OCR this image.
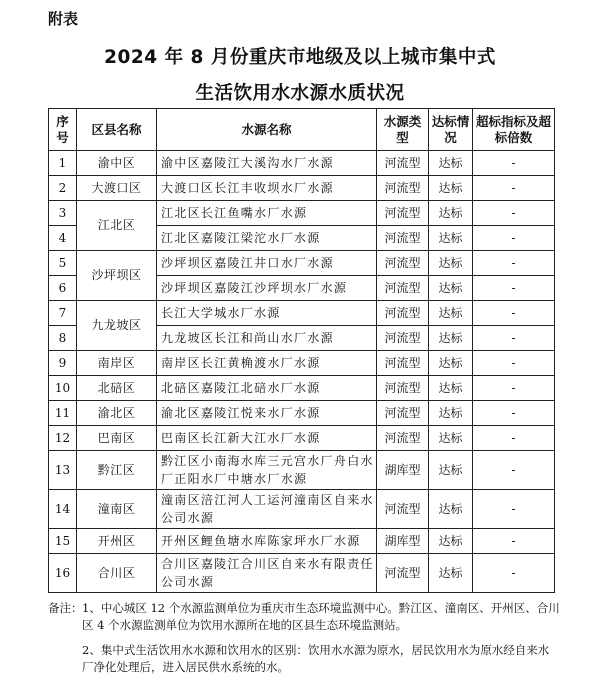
附表
2024 年 8 月份重庆市地级及以上城市集中式
生活饮用水水源水质状况
序号	区县名称	水源名称	水源类型	达标情况	超标指标及超标倍数
1	渝中区	渝中区嘉陵江大溪沟水厂水源	河流型	达标	-
2	大渡口区	大渡口区长江丰收坝水厂水源	河流型	达标	-
3	江北区	江北区长江鱼嘴水厂水源	河流型	达标	-
4		江北区嘉陵江梁沱水厂水源	河流型	达标	-
5	沙坪坝区	沙坪坝区嘉陵江井口水厂水源	河流型	达标	-
6		沙坪坝区嘉陵江沙坪坝水厂水源	河流型	达标	-
7	九龙坡区	长江大学城水厂水源	河流型	达标	-
8		九龙坡区长江和尚山水厂水源	河流型	达标	-
9	南岸区	南岸区长江黄桷渡水厂水源	河流型	达标	-
10	北碚区	北碚区嘉陵江北碚水厂水源	河流型	达标	-
11	渝北区	渝北区嘉陵江悦来水厂水源	河流型	达标	-
12	巴南区	巴南区长江新大江水厂水源	河流型	达标	-
13	黔江区	黔江区小南海水库三元宫水厂舟白水厂正阳水厂中塘水厂水源	湖库型	达标	-
14	潼南区	潼南区涪江河人工运河潼南区自来水公司水源	河流型	达标	-
15	开州区	开州区鲤鱼塘水库陈家坪水厂水源	湖库型	达标	-
16	合川区	合川区嘉陵江合川区自来水有限责任公司水源	河流型	达标	-
备注： 1、中心城区 12 个水源监测单位为重庆市生态环境监测中心。黔江区、潼南区、开州区、合川区 4 个水源监测单位为饮用水源所在地的区县生态环境监测站。
2、集中式生活饮用水水源和饮用水的区别：饮用水水源为原水，居民饮用水为原水经自来水厂净化处理后，进入居民供水系统的水。
